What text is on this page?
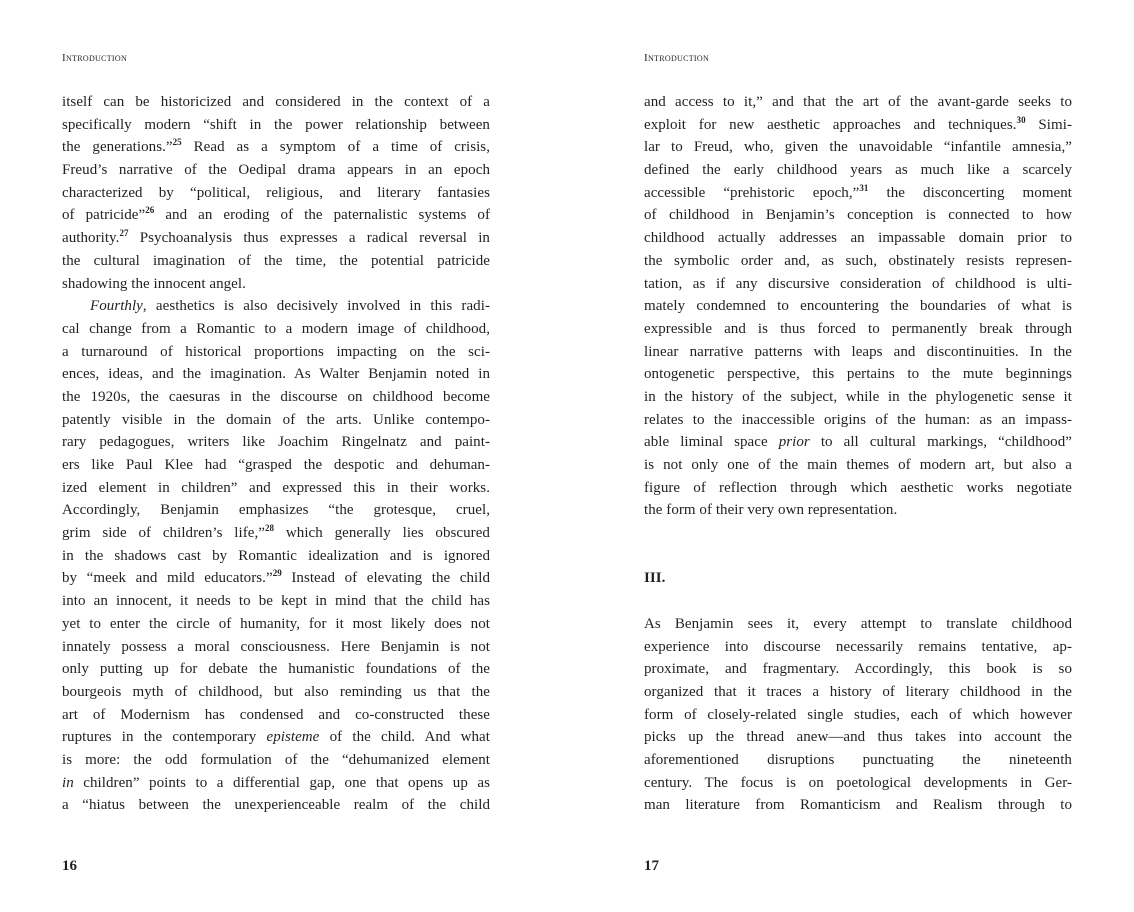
Introduction
itself can be historicized and considered in the context of a
specifically modern “shift in the power relationship between
the generations.”$^{25}$ Read as a symptom of a time of crisis,
Freud’s narrative of the Oedipal drama appears in an epoch
characterized by “political, religious, and literary fantasies
of patricide”$^{26}$ and an eroding of the paternalistic systems of
authority.$^{27}$ Psychoanalysis thus expresses a radical reversal in
the cultural imagination of the time, the potential patricide
shadowing the innocent angel.
Fourthly, aesthetics is also decisively involved in this radi-
cal change from a Romantic to a modern image of childhood,
a turnaround of historical proportions impacting on the sci-
ences, ideas, and the imagination. As Walter Benjamin noted in
the 1920s, the caesuras in the discourse on childhood become
patently visible in the domain of the arts. Unlike contempo-
rary pedagogues, writers like Joachim Ringelnatz and paint-
ers like Paul Klee had “grasped the despotic and dehuman-
ized element in children” and expressed this in their works.
Accordingly, Benjamin emphasizes “the grotesque, cruel,
grim side of children’s life,”$^{28}$ which generally lies obscured
in the shadows cast by Romantic idealization and is ignored
by “meek and mild educators.”$^{29}$ Instead of elevating the child
into an innocent, it needs to be kept in mind that the child has
yet to enter the circle of humanity, for it most likely does not
innately possess a moral consciousness. Here Benjamin is not
only putting up for debate the humanistic foundations of the
bourgeois myth of childhood, but also reminding us that the
art of Modernism has condensed and co-constructed these
ruptures in the contemporary episteme of the child. And what
is more: the odd formulation of the “dehumanized element
in children” points to a differential gap, one that opens up as
a “hiatus between the unexperienceable realm of the child
16
Introduction
and access to it,” and that the art of the avant-garde seeks to
exploit for new aesthetic approaches and techniques.$^{30}$ Simi-
lar to Freud, who, given the unavoidable “infantile amnesia,”
defined the early childhood years as much like a scarcely
accessible “prehistoric epoch,”$^{31}$ the disconcerting moment
of childhood in Benjamin’s conception is connected to how
childhood actually addresses an impassable domain prior to
the symbolic order and, as such, obstinately resists represen-
tation, as if any discursive consideration of childhood is ulti-
mately condemned to encountering the boundaries of what is
expressible and is thus forced to permanently break through
linear narrative patterns with leaps and discontinuities. In the
ontogenetic perspective, this pertains to the mute beginnings
in the history of the subject, while in the phylogenetic sense it
relates to the inaccessible origins of the human: as an impass-
able liminal space prior to all cultural markings, “childhood”
is not only one of the main themes of modern art, but also a
figure of reflection through which aesthetic works negotiate
the form of their very own representation.
III.
As Benjamin sees it, every attempt to translate childhood
experience into discourse necessarily remains tentative, ap-
proximate, and fragmentary. Accordingly, this book is so
organized that it traces a history of literary childhood in the
form of closely-related single studies, each of which however
picks up the thread anew—and thus takes into account the
aforementioned disruptions punctuating the nineteenth
century. The focus is on poetological developments in Ger-
man literature from Romanticism and Realism through to
17
